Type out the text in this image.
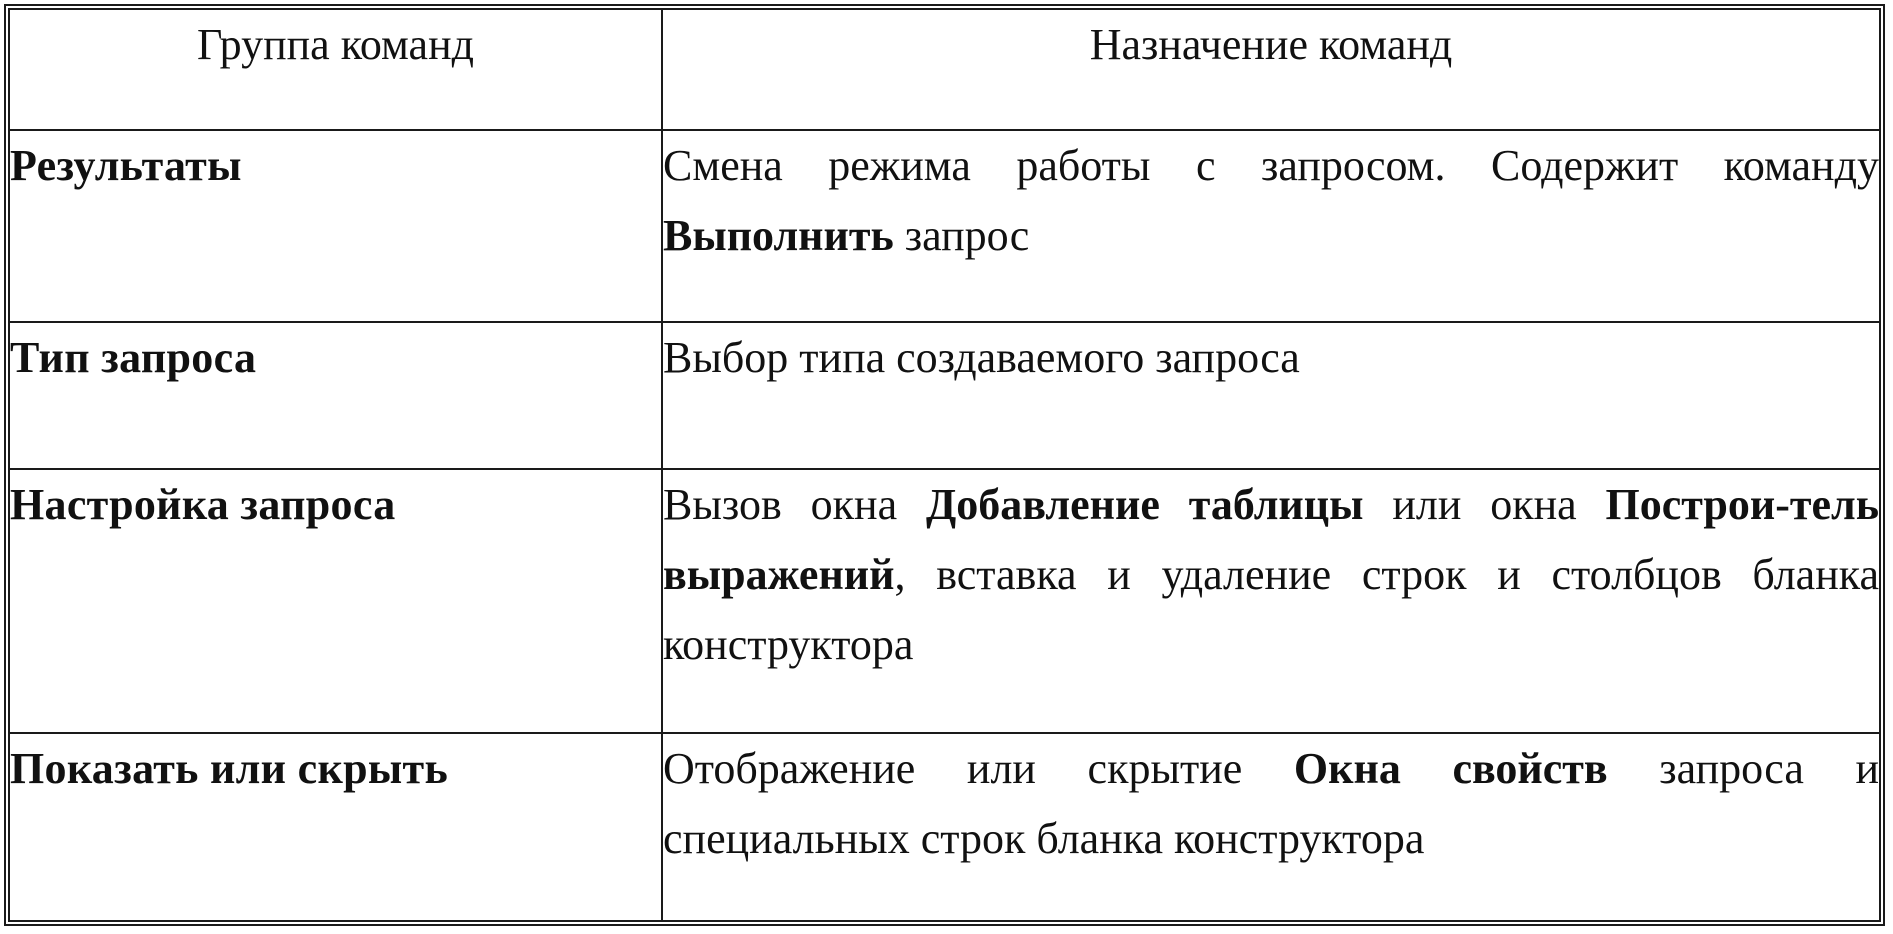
Группа команд	Назначение команд
Результаты	Смена режима работы с запросом. Содержит команду Выполнить запрос
Тип запроса	Выбор типа создаваемого запроса
Настройка запроса	Вызов окна Добавление таблицы или окна Построи-тель выражений, вставка и удаление строк и столбцов бланка конструктора
Показать или скрыть	Отображение или скрытие Окна свойств запроса и специальных строк бланка конструктора
